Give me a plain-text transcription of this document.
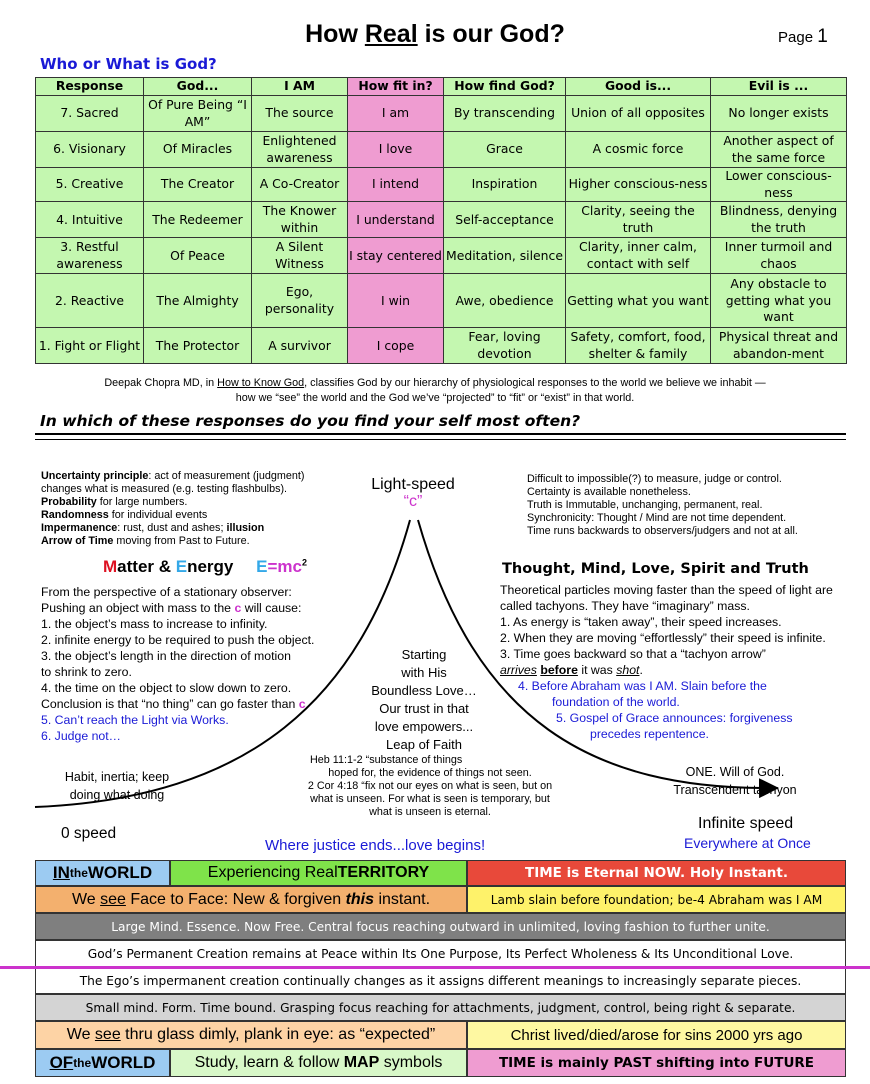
How Real is our God?	Page 1
Who or What is God?
Response	God...	I AM	How fit in?	How find God?	Good is...	Evil is ...
7. Sacred	Of Pure Being “I AM”	The source	I am	By transcending	Union of all opposites	No longer exists
6. Visionary	Of Miracles	Enlightened awareness	I love	Grace	A cosmic force	Another aspect of the same force
5. Creative	The Creator	A Co-Creator	I intend	Inspiration	Higher conscious-ness	Lower conscious-ness
4. Intuitive	The Redeemer	The Knower within	I understand	Self-acceptance	Clarity, seeing the truth	Blindness, denying the truth
3. Restful awareness	Of Peace	A Silent Witness	I stay centered	Meditation, silence	Clarity, inner calm, contact with self	Inner turmoil and chaos
2. Reactive	The Almighty	Ego, personality	I win	Awe, obedience	Getting what you want	Any obstacle to getting what you want
1. Fight or Flight	The Protector	A survivor	I cope	Fear, loving devotion	Safety, comfort, food, shelter & family	Physical threat and abandon-ment
Deepak Chopra MD, in How to Know God, classifies God by our hierarchy of physiological responses to the world we believe we inhabit —
how we “see” the world and the God we’ve “projected” to “fit” or “exist” in that world.
In which of these responses do you find your self most often?
Uncertainty principle: act of measurement (judgment) changes what is measured (e.g. testing flashbulbs).
Probability for large numbers.
Randomness for individual events
Impermanence: rust, dust and ashes; illusion
Arrow of Time moving from Past to Future.
Matter & Energy $E=mc^2$
From the perspective of a stationary observer:
Pushing an object with mass to the c will cause:
1. the object’s mass to increase to infinity.
2. infinite energy to be required to push the object.
3. the object’s length in the direction of motion
to shrink to zero.
4. the time on the object to slow down to zero.
Conclusion is that “no thing” can go faster than c.
5. Can’t reach the Light via Works.
6. Judge not…
Light-speed
“c”
Difficult to impossible(?) to measure, judge or control.
Certainty is available nonetheless.
Truth is Immutable, unchanging, permanent, real.
Synchronicity: Thought / Mind are not time dependent.
Time runs backwards to observers/judgers and not at all.
Thought, Mind, Love, Spirit and Truth
Theoretical particles moving faster than the speed of light are called tachyons. They have “imaginary” mass.
1. As energy is “taken away”, their speed increases.
2. When they are moving “effortlessly” their speed is infinite.
3. Time goes backward so that a “tachyon arrow”
arrives before it was shot.
4. Before Abraham was I AM. Slain before the
foundation of the world.
5. Gospel of Grace announces: forgiveness
precedes repentence.
Starting
with His
Boundless Love…
Our trust in that
love empowers...
Leap of Faith
Heb 11:1-2 “substance of things
hoped for, the evidence of things not seen.
2 Cor 4:18 “fix not our eyes on what is seen, but on
what is unseen. For what is seen is temporary, but
what is unseen is eternal.
Habit, inertia; keep
doing what doing
ONE. Will of God.
Transcendent tachyon
0 speed
Where justice ends...love begins!
Infinite speed
Everywhere at Once
IN the WORLD	Experiencing Real TERRITORY	TIME is Eternal NOW. Holy Instant.
We see Face to Face: New & forgiven this instant.	Lamb slain before foundation; be-4 Abraham was I AM
Large Mind. Essence. Now Free. Central focus reaching outward in unlimited, loving fashion to further unite.
God’s Permanent Creation remains at Peace within Its One Purpose, Its Perfect Wholeness & Its Unconditional Love.
The Ego’s impermanent creation continually changes as it assigns different meanings to increasingly separate pieces.
Small mind. Form. Time bound. Grasping focus reaching for attachments, judgment, control, being right & separate.
We see thru glass dimly, plank in eye: as “expected”	Christ lived/died/arose for sins 2000 yrs ago
OF the WORLD Study, learn & follow MAP symbols	TIME is mainly PAST shifting into FUTURE
